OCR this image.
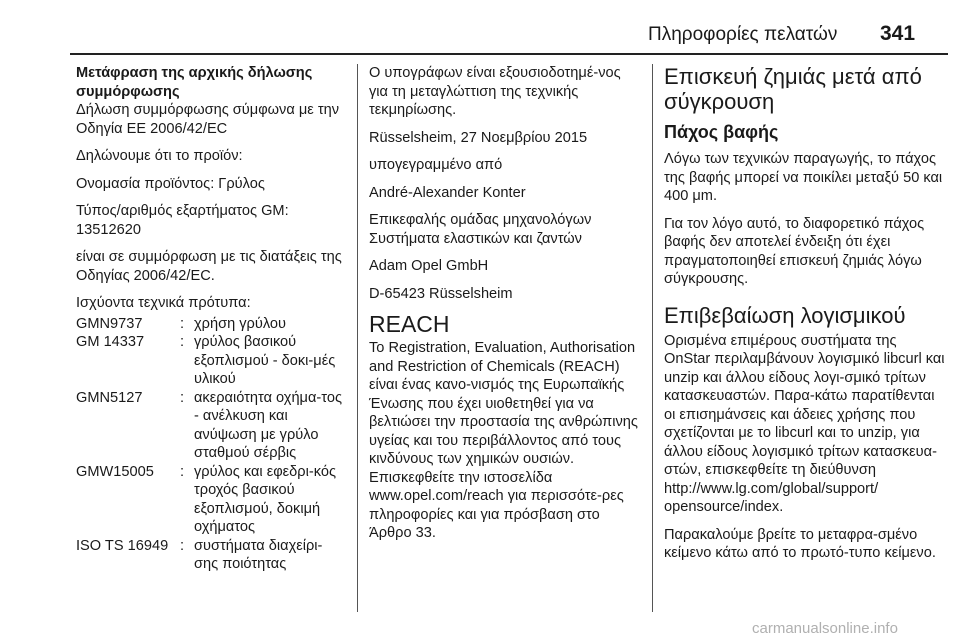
Πληροφορίες πελατών 341

Μετάφραση της αρχικής δήλωσης συμμόρφωσης

Δήλωση συμμόρφωσης σύμφωνα με την Οδηγία ΕΕ 2006/42/EC

Δηλώνουμε ότι το προϊόν:

Ονομασία προϊόντος: Γρύλος

Τύπος/αριθμός εξαρτήματος GM: 13512620

είναι σε συμμόρφωση με τις διατάξεις της Οδηγίας 2006/42/EC.

Ισχύοντα τεχνικά πρότυπα:

GMN9737	:	χρήση γρύλου
GM 14337	:	γρύλος βασικού εξοπλισμού - δοκι-μές υλικού
GMN5127	:	ακεραιότητα οχήμα-τος - ανέλκυση και ανύψωση με γρύλο σταθμού σέρβις
GMW15005	:	γρύλος και εφεδρι-κός τροχός βασικού εξοπλισμού, δοκιμή οχήματος
ISO TS 16949	:	συστήματα διαχείρι-σης ποιότητας

Ο υπογράφων είναι εξουσιοδοτημέ-νος για τη μεταγλώττιση της τεχνικής τεκμηρίωσης.

Rüsselsheim, 27 Νοεμβρίου 2015

υπογεγραμμένο από

André-Alexander Konter

Επικεφαλής ομάδας μηχανολόγων Συστήματα ελαστικών και ζαντών

Adam Opel GmbH

D-65423 Rüsselsheim

REACH

Το Registration, Evaluation, Authorisation and Restriction of Chemicals (REACH) είναι ένας κανο-νισμός της Ευρωπαϊκής Ένωσης που έχει υιοθετηθεί για να βελτιώσει την προστασία της ανθρώπινης υγείας και του περιβάλλοντος από τους κινδύνους των χημικών ουσιών. Επισκεφθείτε την ιστοσελίδα www.opel.com/reach για περισσότε-ρες πληροφορίες και για πρόσβαση στο Άρθρο 33.

Επισκευή ζημιάς μετά από σύγκρουση
Πάχος βαφής

Λόγω των τεχνικών παραγωγής, το πάχος της βαφής μπορεί να ποικίλει μεταξύ 50 και 400 μm.

Για τον λόγο αυτό, το διαφορετικό πάχος βαφής δεν αποτελεί ένδειξη ότι έχει πραγματοποιηθεί επισκευή ζημιάς λόγω σύγκρουσης.

Επιβεβαίωση λογισμικού

Ορισμένα επιμέρους συστήματα της OnStar περιλαμβάνουν λογισμικό libcurl και unzip και άλλου είδους λογι-σμικό τρίτων κατασκευαστών. Παρα-κάτω παρατίθενται οι επισημάνσεις και άδειες χρήσης που σχετίζονται με το libcurl και το unzip, για άλλου είδους λογισμικό τρίτων κατασκευα-στών, επισκεφθείτε τη διεύθυνση http://www.lg.com/global/support/ opensource/index.

Παρακαλούμε βρείτε το μεταφρα-σμένο κείμενο κάτω από το πρωτό-τυπο κείμενο.

carmanualsonline.info
